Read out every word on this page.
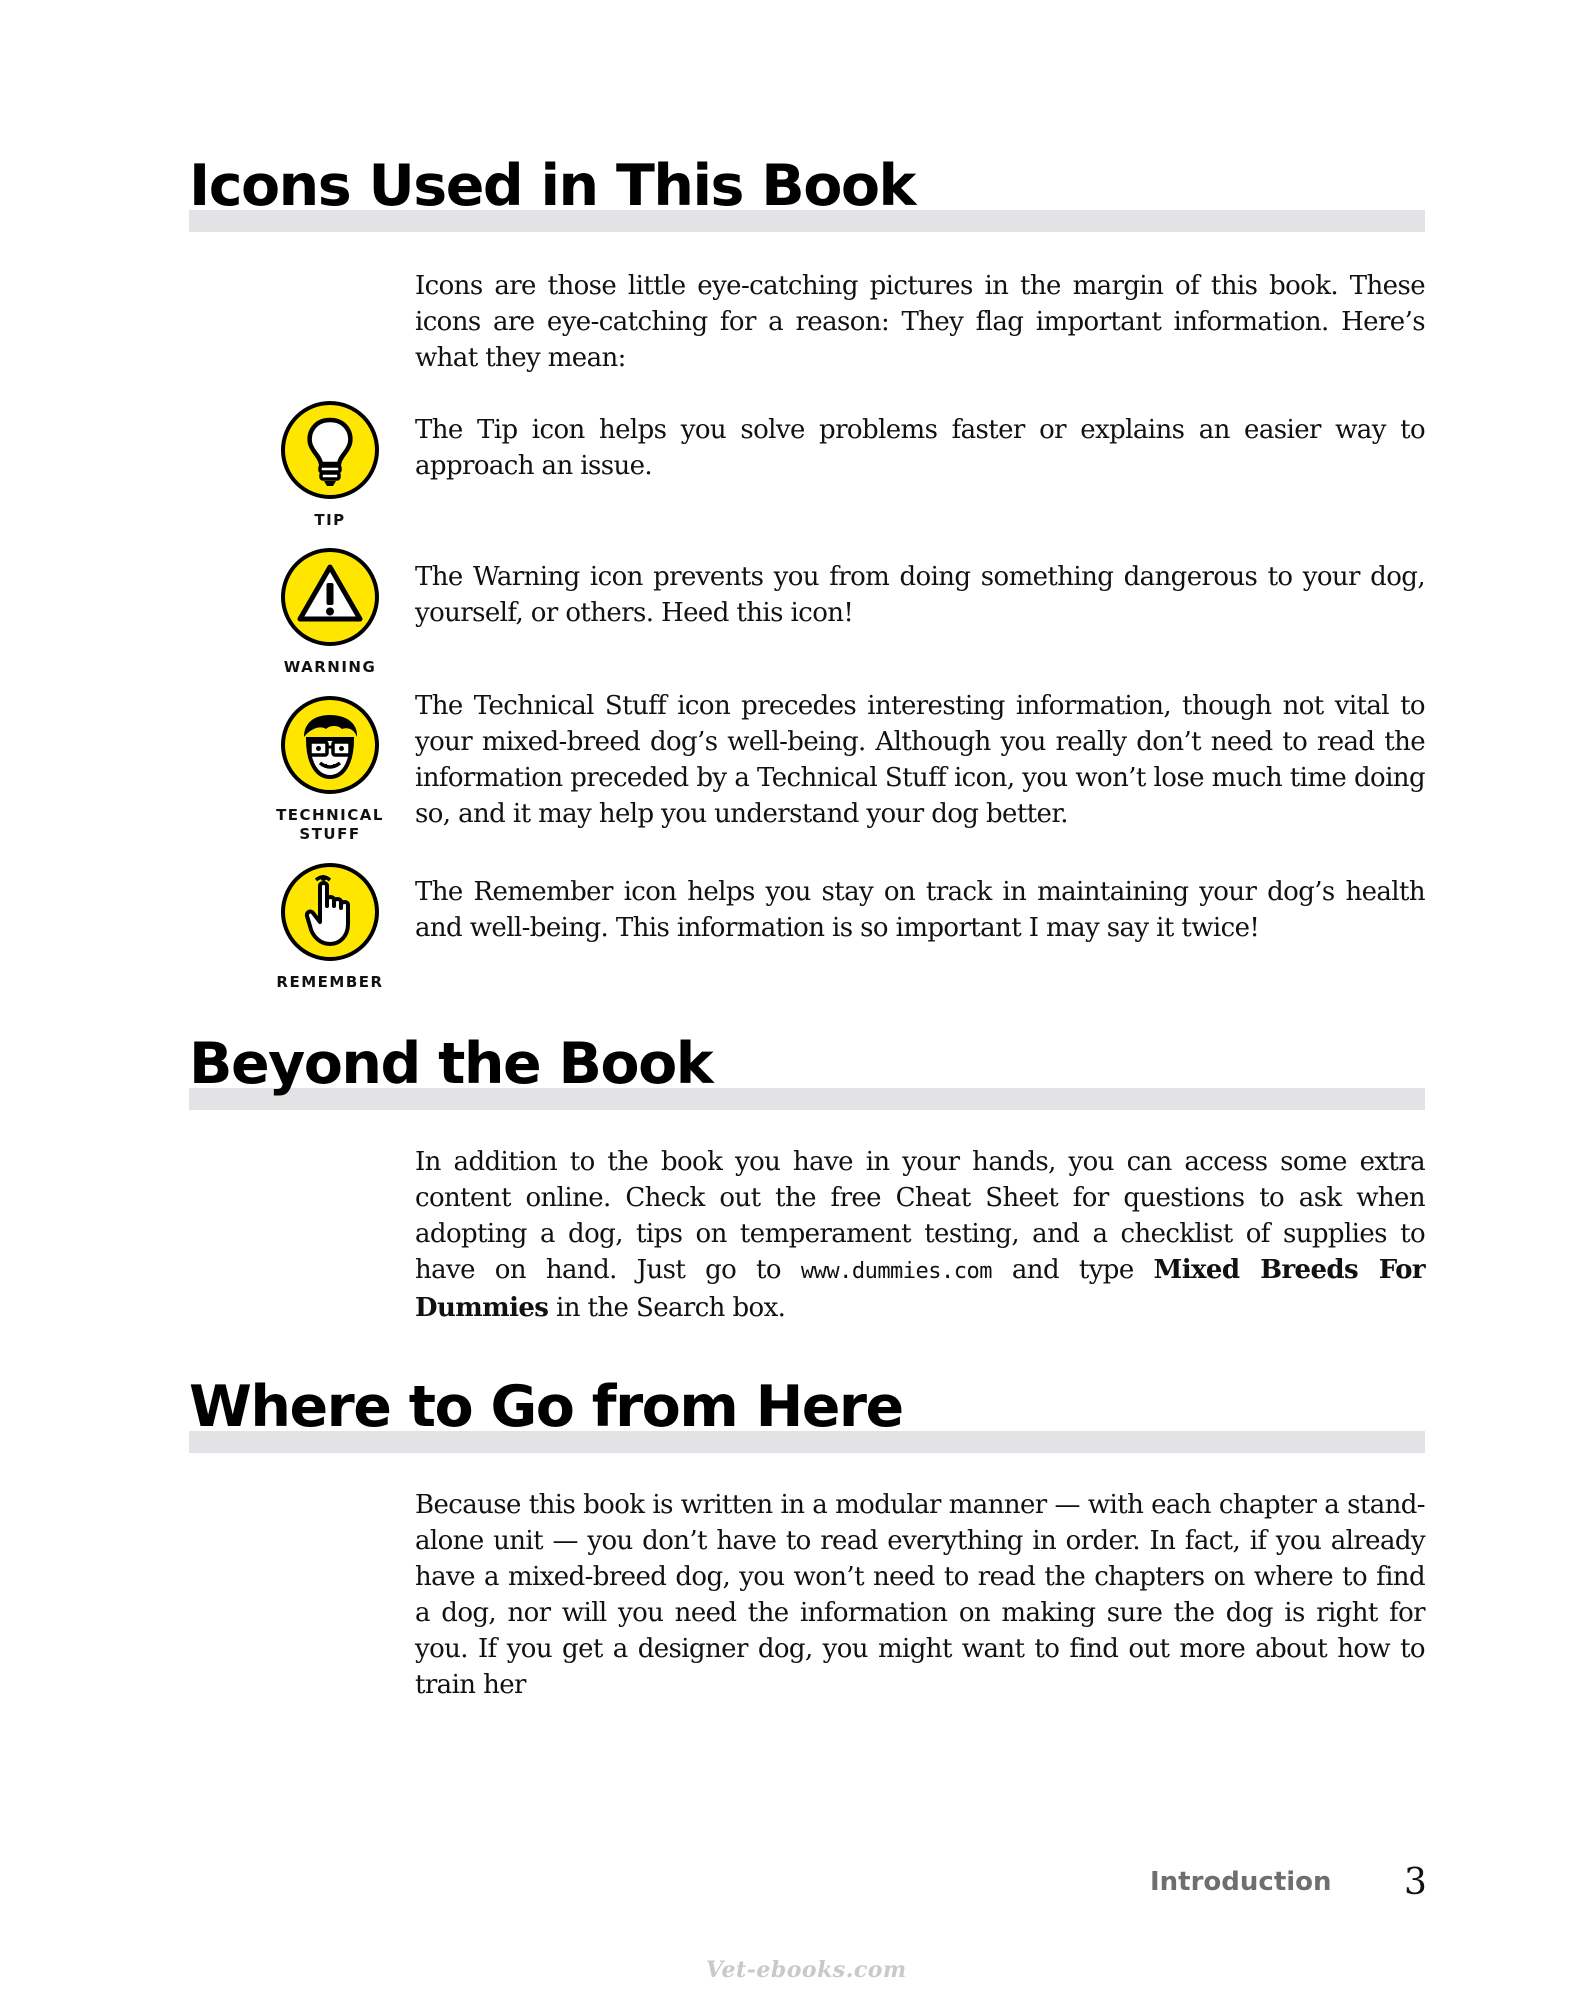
Icons Used in This Book

Icons are those little eye-catching pictures in the margin of this book. These icons are eye-catching for a reason: They flag important information. Here’s what they mean:

TIP

The Tip icon helps you solve problems faster or explains an easier way to approach an issue.

WARNING

The Warning icon prevents you from doing something dangerous to your dog, yourself, or others. Heed this icon!

TECHNICAL
STUFF

The Technical Stuff icon precedes interesting information, though not vital to your mixed-breed dog’s well-being. Although you really don’t need to read the information preceded by a Technical Stuff icon, you won’t lose much time doing so, and it may help you understand your dog better.

REMEMBER

The Remember icon helps you stay on track in maintaining your dog’s health and well-being. This information is so important I may say it twice!

Beyond the Book

In addition to the book you have in your hands, you can access some extra content online. Check out the free Cheat Sheet for questions to ask when adopting a dog, tips on temperament testing, and a checklist of supplies to have on hand. Just go to www.dummies.com and type Mixed Breeds For Dummies in the Search box.

Where to Go from Here

Because this book is written in a modular manner — with each chapter a stand-alone unit — you don’t have to read everything in order. In fact, if you already have a mixed-breed dog, you won’t need to read the chapters on where to find a dog, nor will you need the information on making sure the dog is right for you. If you get a designer dog, you might want to find out more about how to train her

Introduction 3
Vet-ebooks.com
